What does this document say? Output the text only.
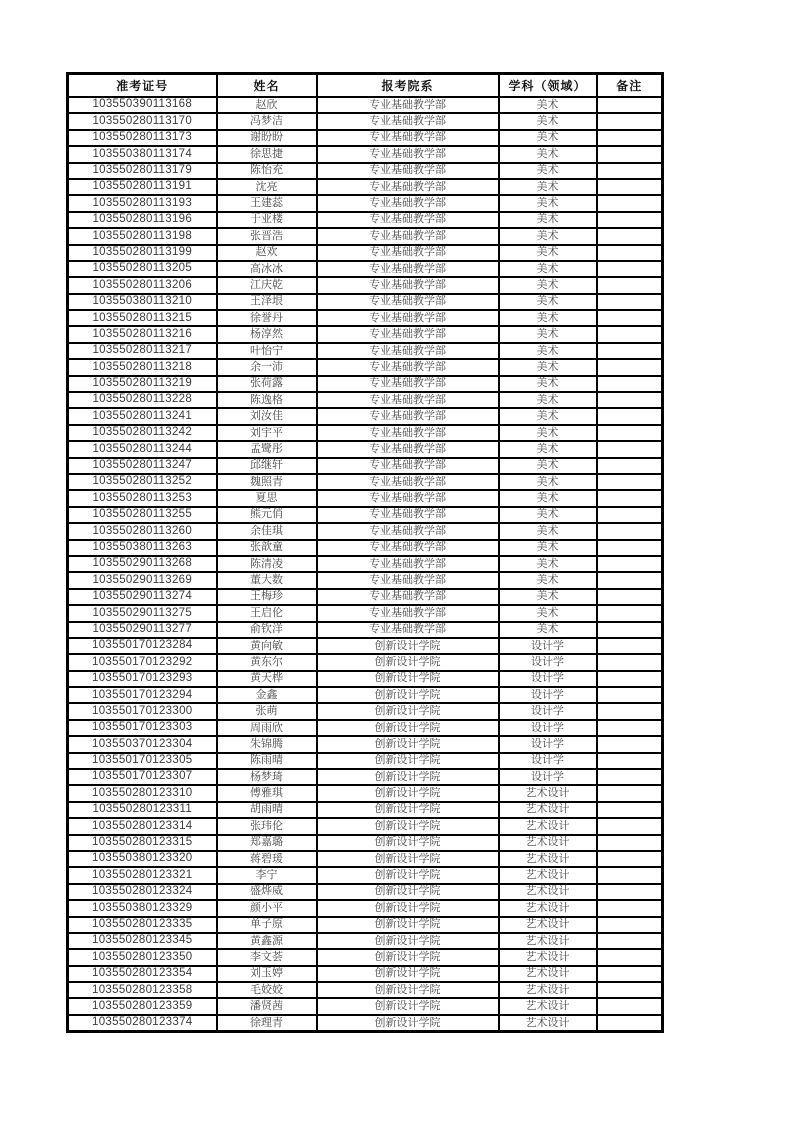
准考证号	姓名	报考院系	学科（领域）	备注
103550390113168	赵欣	专业基础教学部	美术	
103550280113170	冯梦洁	专业基础教学部	美术	
103550280113173	谢盼盼	专业基础教学部	美术	
103550380113174	徐思捷	专业基础教学部	美术	
103550280113179	陈怡充	专业基础教学部	美术	
103550280113191	沈亮	专业基础教学部	美术	
103550280113193	王建蕊	专业基础教学部	美术	
103550280113196	于亚楼	专业基础教学部	美术	
103550280113198	张晋浩	专业基础教学部	美术	
103550280113199	赵欢	专业基础教学部	美术	
103550280113205	高冰冰	专业基础教学部	美术	
103550280113206	江庆乾	专业基础教学部	美术	
103550380113210	王泽垠	专业基础教学部	美术	
103550280113215	徐誉丹	专业基础教学部	美术	
103550280113216	杨淳然	专业基础教学部	美术	
103550280113217	叶怡宁	专业基础教学部	美术	
103550280113218	余一沛	专业基础教学部	美术	
103550280113219	张荷露	专业基础教学部	美术	
103550280113228	陈逸格	专业基础教学部	美术	
103550280113241	刘汝佳	专业基础教学部	美术	
103550280113242	刘宇平	专业基础教学部	美术	
103550280113244	孟鹭彤	专业基础教学部	美术	
103550280113247	邱继轩	专业基础教学部	美术	
103550280113252	魏照青	专业基础教学部	美术	
103550280113253	夏思	专业基础教学部	美术	
103550280113255	熊元俏	专业基础教学部	美术	
103550280113260	余佳琪	专业基础教学部	美术	
103550380113263	张歆童	专业基础教学部	美术	
103550290113268	陈清凌	专业基础教学部	美术	
103550290113269	董大数	专业基础教学部	美术	
103550290113274	王梅珍	专业基础教学部	美术	
103550290113275	王启伦	专业基础教学部	美术	
103550290113277	俞钦洋	专业基础教学部	美术	
103550170123284	黄向敏	创新设计学院	设计学	
103550170123292	黄东尔	创新设计学院	设计学	
103550170123293	黄天桦	创新设计学院	设计学	
103550170123294	金鑫	创新设计学院	设计学	
103550170123300	张萌	创新设计学院	设计学	
103550170123303	周雨欣	创新设计学院	设计学	
103550370123304	朱锦腾	创新设计学院	设计学	
103550170123305	陈雨晴	创新设计学院	设计学	
103550170123307	杨梦琦	创新设计学院	设计学	
103550280123310	傅雅琪	创新设计学院	艺术设计	
103550280123311	胡雨晴	创新设计学院	艺术设计	
103550280123314	张玮伦	创新设计学院	艺术设计	
103550280123315	郑嘉璐	创新设计学院	艺术设计	
103550380123320	蒋碧瑗	创新设计学院	艺术设计	
103550280123321	李宁	创新设计学院	艺术设计	
103550280123324	盛烨威	创新设计学院	艺术设计	
103550380123329	颜小平	创新设计学院	艺术设计	
103550280123335	单子原	创新设计学院	艺术设计	
103550280123345	黄鑫源	创新设计学院	艺术设计	
103550280123350	李文荟	创新设计学院	艺术设计	
103550280123354	刘玉婷	创新设计学院	艺术设计	
103550280123358	毛姣姣	创新设计学院	艺术设计	
103550280123359	潘贤茜	创新设计学院	艺术设计	
103550280123374	徐理青	创新设计学院	艺术设计	
